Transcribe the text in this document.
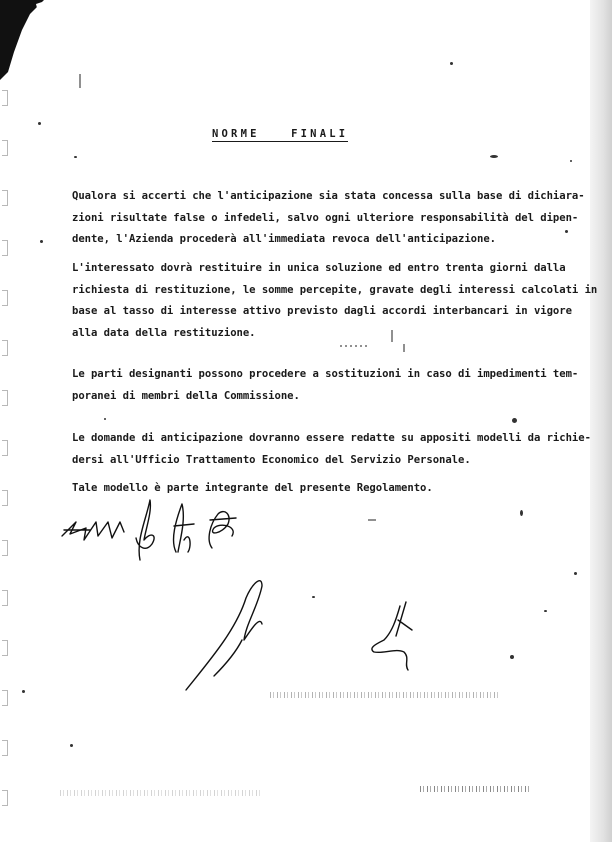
NORME FINALI

Qualora si accerti che l'anticipazione sia stata concessa sulla base di dichiara-
zioni risultate false o infedeli, salvo ogni ulteriore responsabilità del dipen-
dente, l'Azienda procederà all'immediata revoca dell'anticipazione.

L'interessato dovrà restituire in unica soluzione ed entro trenta giorni dalla
richiesta di restituzione, le somme percepite, gravate degli interessi calcolati in
base al tasso di interesse attivo previsto dagli accordi interbancari in vigore
alla data della restituzione.

Le parti designanti possono procedere a sostituzioni in caso di impedimenti tem-
poranei di membri della Commissione.

Le domande di anticipazione dovranno essere redatte su appositi modelli da richie-
dersi all'Ufficio Trattamento Economico del Servizio Personale.

Tale modello è parte integrante del presente Regolamento.
